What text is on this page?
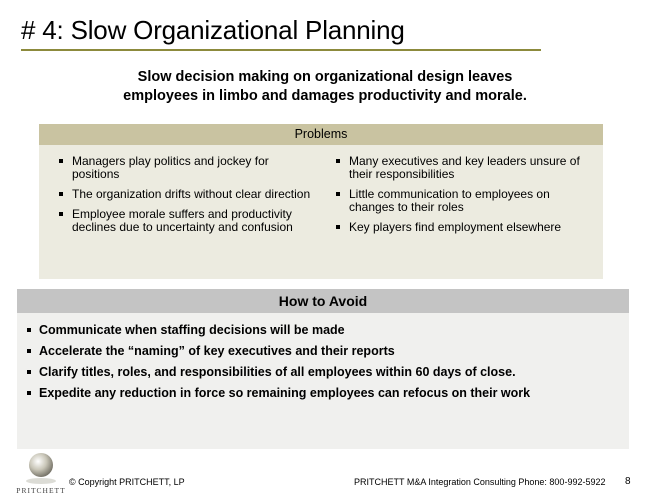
# 4: Slow Organizational Planning
Slow decision making on organizational design leaves
employees in limbo and damages productivity and morale.
Problems
Managers play politics and jockey for positions
The organization drifts without clear direction
Employee morale suffers and productivity declines due to uncertainty and confusion
Many executives and key leaders unsure of their responsibilities
Little communication to employees on changes to their roles
Key players find employment elsewhere
How to Avoid
Communicate when staffing decisions will be made
Accelerate the “naming” of key executives and their reports
Clarify titles, roles, and responsibilities of all employees within 60 days of close.
Expedite any reduction in force so remaining employees can refocus on their work
PRITCHETT
© Copyright PRITCHETT, LP	PRITCHETT M&A Integration Consulting Phone: 800-992-5922 8
